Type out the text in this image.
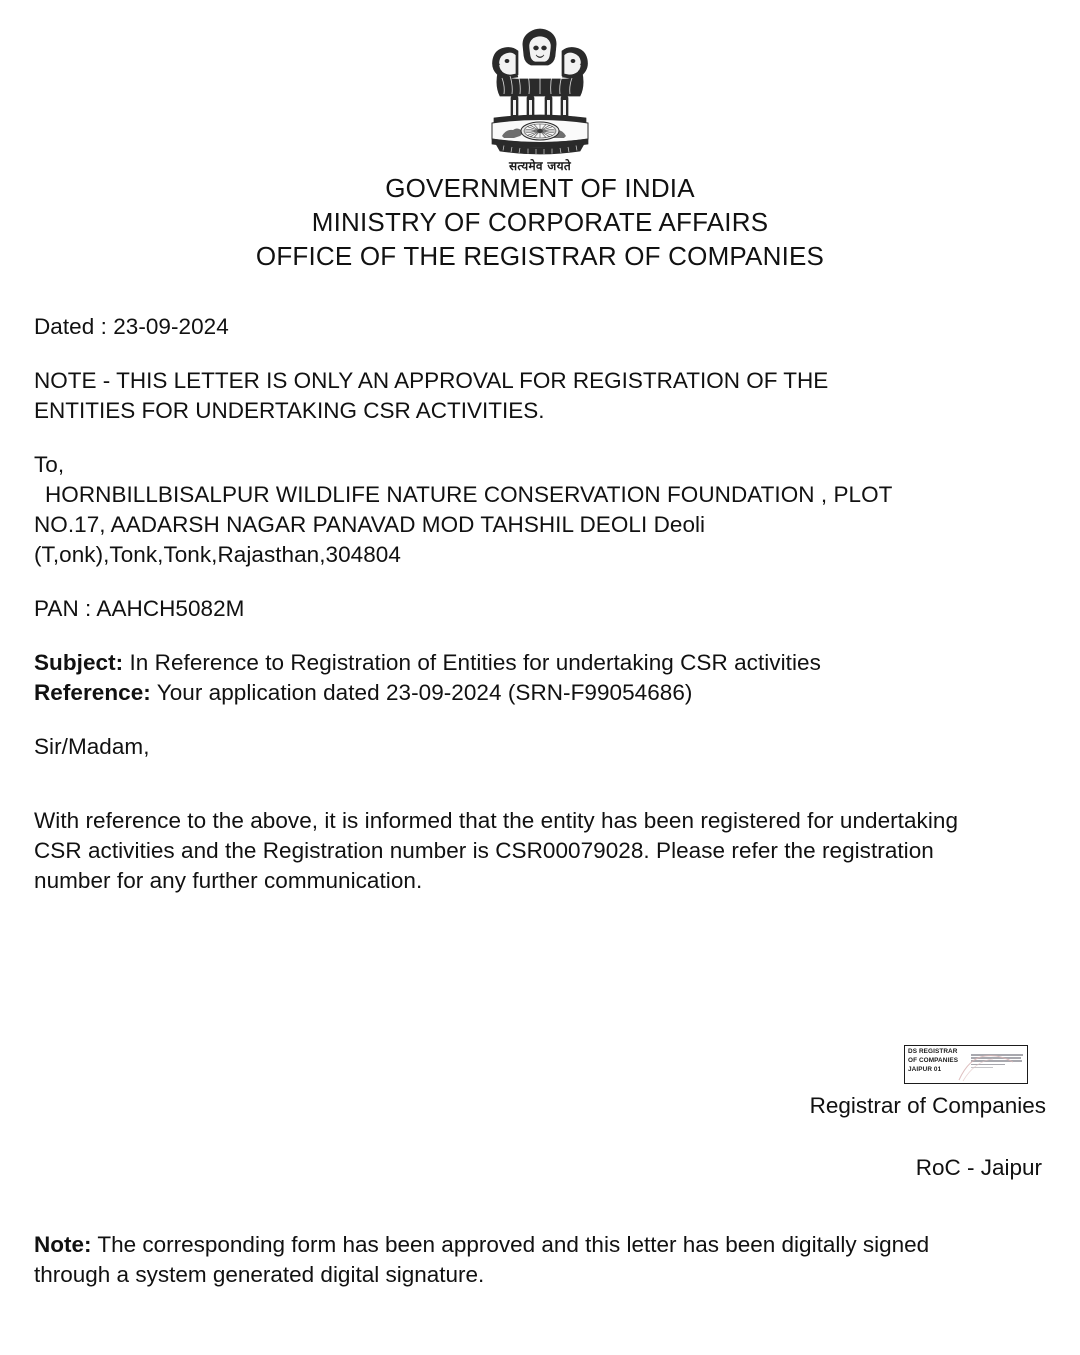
सत्यमेव जयते
GOVERNMENT OF INDIA
MINISTRY OF CORPORATE AFFAIRS
OFFICE OF THE REGISTRAR OF COMPANIES
Dated : 23-09-2024
NOTE - THIS LETTER IS ONLY AN APPROVAL FOR REGISTRATION OF THE
ENTITIES FOR UNDERTAKING CSR ACTIVITIES.
To,
HORNBILLBISALPUR WILDLIFE NATURE CONSERVATION FOUNDATION , PLOT
NO.17, AADARSH NAGAR PANAVAD MOD TAHSHIL DEOLI Deoli
(T,onk),Tonk,Tonk,Rajasthan,304804
PAN : AAHCH5082M
Subject: In Reference to Registration of Entities for undertaking CSR activities
Reference: Your application dated 23-09-2024 (SRN-F99054686)
Sir/Madam,
With reference to the above, it is informed that the entity has been registered for undertaking
CSR activities and the Registration number is CSR00079028. Please refer the registration
number for any further communication.
DS REGISTRAR
OF COMPANIES
JAIPUR 01
Registrar of Companies
RoC - Jaipur
Note: The corresponding form has been approved and this letter has been digitally signed
through a system generated digital signature.
